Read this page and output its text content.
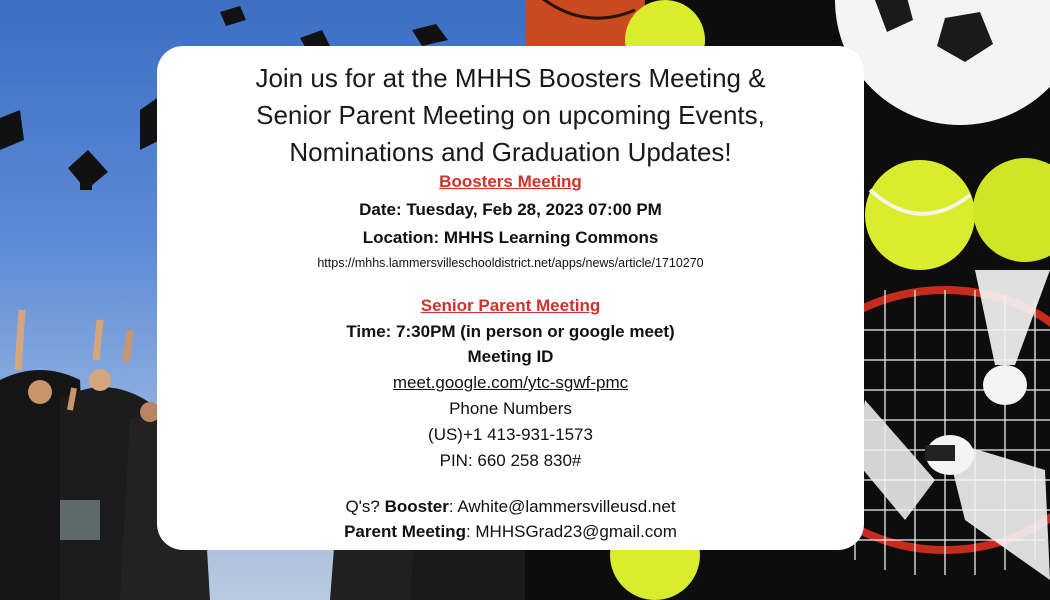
Join us for at the MHHS Boosters Meeting &
Senior Parent Meeting on upcoming Events,
Nominations and Graduation Updates!
Boosters Meeting
Date: Tuesday, Feb 28, 2023 07:00 PM
Location: MHHS Learning Commons
https://mhhs.lammersvilleschooldistrict.net/apps/news/article/1710270
Senior Parent Meeting
Time: 7:30PM (in person or google meet)
Meeting ID
meet.google.com/ytc-sgwf-pmc
Phone Numbers
(US)+1 413-931-1573
PIN: 660 258 830#
Q's? Booster: Awhite@lammersvilleusd.net
Parent Meeting: MHHSGrad23@gmail.com
